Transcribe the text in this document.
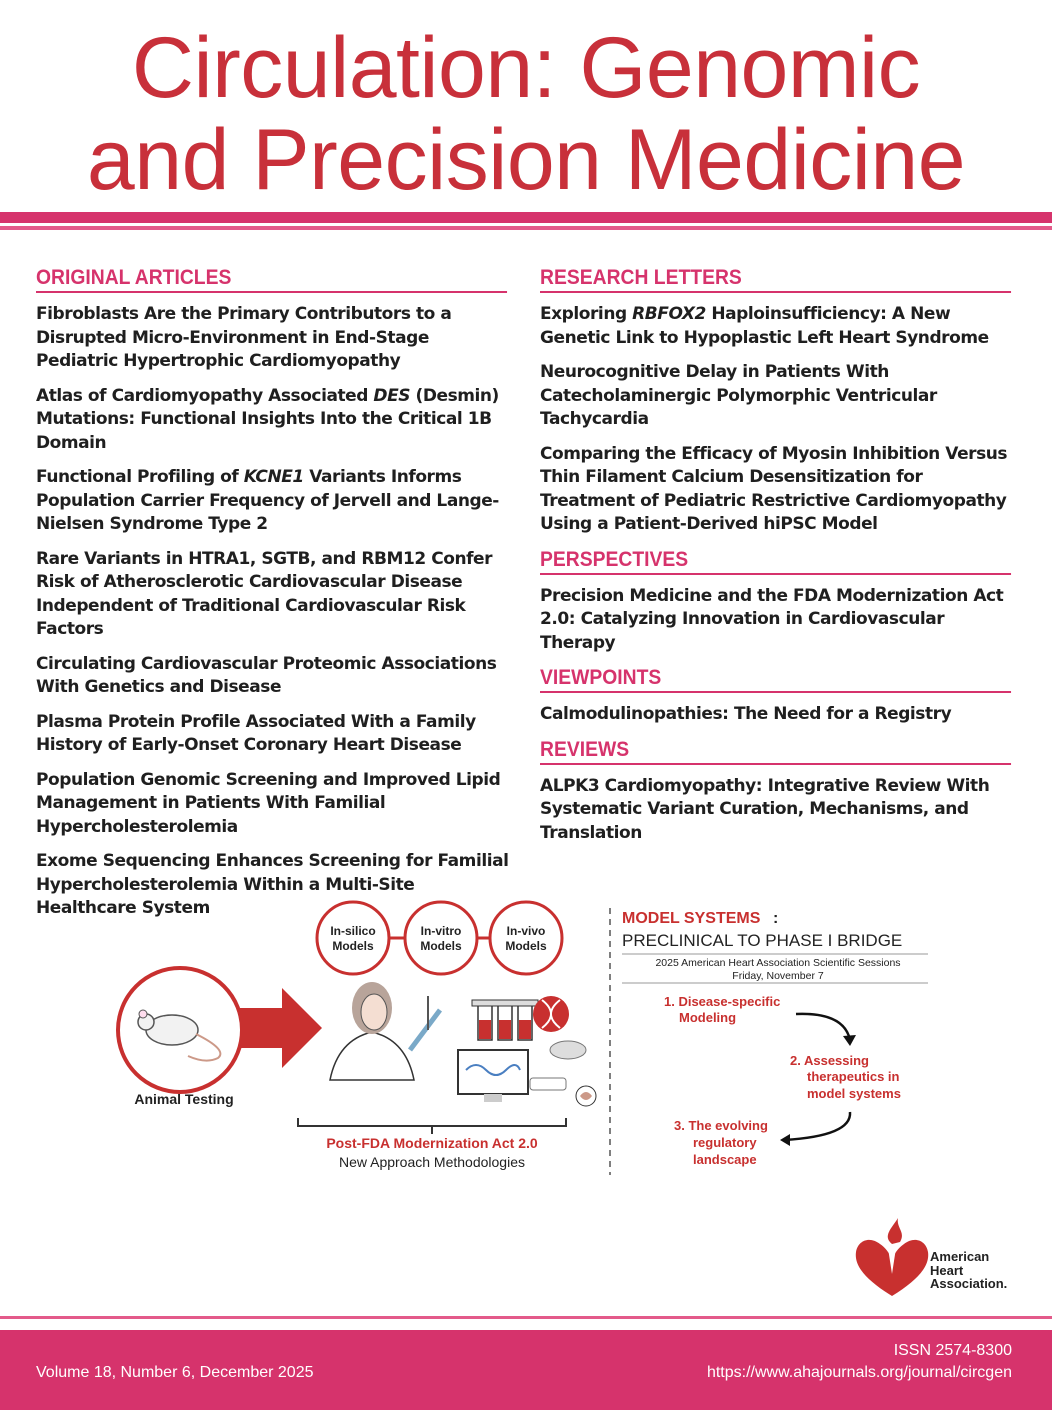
Circulation: Genomic
and Precision Medicine
ORIGINAL ARTICLES
Fibroblasts Are the Primary Contributors to a Disrupted Micro-Environment in End-Stage Pediatric Hypertrophic Cardiomyopathy
Atlas of Cardiomyopathy Associated DES (Desmin) Mutations: Functional Insights Into the Critical 1B Domain
Functional Profiling of KCNE1 Variants Informs Population Carrier Frequency of Jervell and Lange-Nielsen Syndrome Type 2
Rare Variants in HTRA1, SGTB, and RBM12 Confer Risk of Atherosclerotic Cardiovascular Disease Independent of Traditional Cardiovascular Risk Factors
Circulating Cardiovascular Proteomic Associations With Genetics and Disease
Plasma Protein Profile Associated With a Family History of Early-Onset Coronary Heart Disease
Population Genomic Screening and Improved Lipid Management in Patients With Familial Hypercholesterolemia
Exome Sequencing Enhances Screening for Familial Hypercholesterolemia Within a Multi-Site Healthcare System
RESEARCH LETTERS
Exploring RBFOX2 Haploinsufficiency: A New Genetic Link to Hypoplastic Left Heart Syndrome
Neurocognitive Delay in Patients With Catecholaminergic Polymorphic Ventricular Tachycardia
Comparing the Efficacy of Myosin Inhibition Versus Thin Filament Calcium Desensitization for Treatment of Pediatric Restrictive Cardiomyopathy Using a Patient-Derived hiPSC Model
PERSPECTIVES
Precision Medicine and the FDA Modernization Act 2.0: Catalyzing Innovation in Cardiovascular Therapy
VIEWPOINTS
Calmodulinopathies: The Need for a Registry
REVIEWS
ALPK3 Cardiomyopathy: Integrative Review With Systematic Variant Curation, Mechanisms, and Translation
In-silico
Models
In-vitro
Models
In-vivo
Models
Animal Testing
Post-FDA Modernization Act 2.0
New Approach Methodologies
MODEL SYSTEMS :
PRECLINICAL TO PHASE I BRIDGE
2025 American Heart Association Scientific Sessions
Friday, November 7
1. Disease-specific
Modeling
2. Assessing
therapeutics in
model systems
3. The evolving
regulatory
landscape
American
Heart
Association.
Volume 18, Number 6, December 2025
ISSN 2574-8300
https://www.ahajournals.org/journal/circgen
